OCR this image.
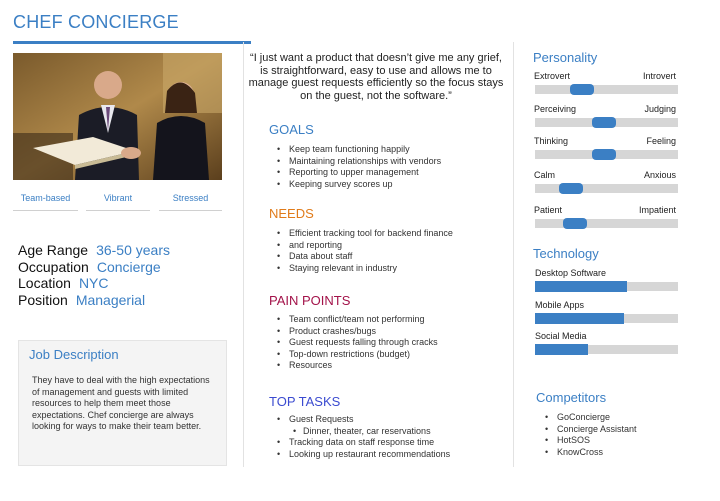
CHEF CONCIERGE
Team-based	Vibrant	Stressed
Age Range 36-50 years
Occupation Concierge
Location NYC
Position Managerial
Job Description

They have to deal with the high expectations of management and guests with limited resources to help them meet those expectations. Chef concierge are always looking for ways to make their team better.

“I just want a product that doesn’t give me any grief, is straightforward, easy to use and allows me to manage guest requests efficiently so the focus stays on the guest, not the software.”
GOALS
• Keep team functioning happily
• Maintaining relationships with vendors
• Reporting to upper management
• Keeping survey scores up
NEEDS
• Efficient tracking tool for backend finance
• and reporting
• Data about staff
• Staying relevant in industry
PAIN POINTS
• Team conflict/team not performing
• Product crashes/bugs
• Guest requests falling through cracks
• Top-down restrictions (budget)
• Resources
TOP TASKS
• Guest Requests
• Dinner, theater, car reservations
• Tracking data on staff response time
• Looking up restaurant recommendations
Personality
Extrovert	Introvert
Perceiving	Judging
Thinking	Feeling
Calm	Anxious
Patient	Impatient
Technology
Desktop Software
Mobile Apps
Social Media
Competitors
• GoConcierge
• Concierge Assistant
• HotSOS
• KnowCross
